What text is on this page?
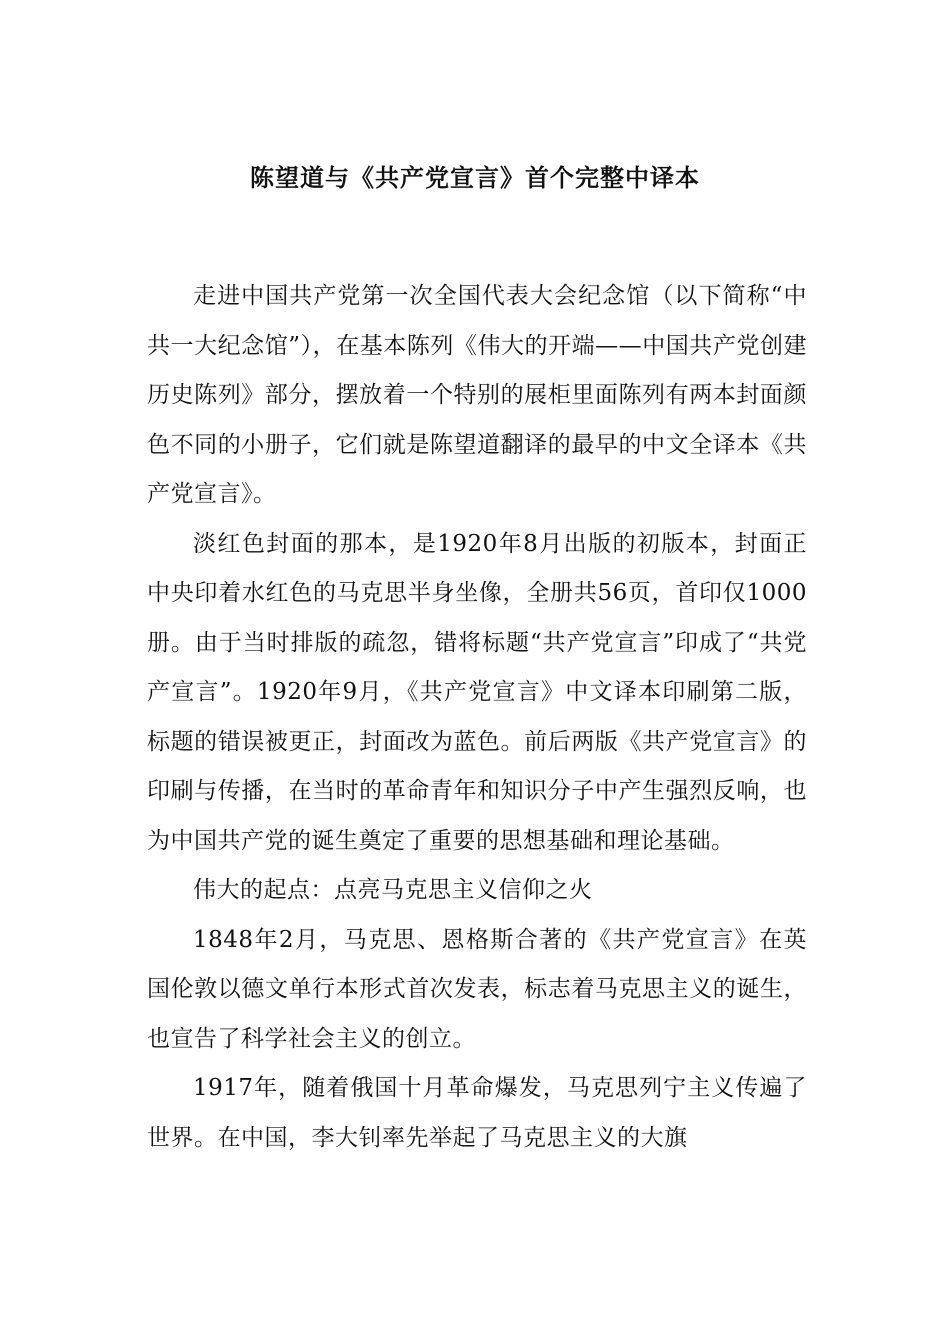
陈望道与《共产党宣言》首个完整中译本

走进中国共产党第一次全国代表大会纪念馆（以下简称“中共一大纪念馆”），在基本陈列《伟大的开端——中国共产党创建历史陈列》部分，摆放着一个特别的展柜里面陈列有两本封面颜色不同的小册子，它们就是陈望道翻译的最早的中文全译本《共产党宣言》。

淡红色封面的那本，是1920年8月出版的初版本，封面正中央印着水红色的马克思半身坐像，全册共56页，首印仅1000册。由于当时排版的疏忽，错将标题“共产党宣言”印成了“共党产宣言”。1920年9月，《共产党宣言》中文译本印刷第二版，标题的错误被更正，封面改为蓝色。前后两版《共产党宣言》的印刷与传播，在当时的革命青年和知识分子中产生强烈反响，也为中国共产党的诞生奠定了重要的思想基础和理论基础。

伟大的起点：点亮马克思主义信仰之火

1848年2月，马克思、恩格斯合著的《共产党宣言》在英国伦敦以德文单行本形式首次发表，标志着马克思主义的诞生，也宣告了科学社会主义的创立。

1917年，随着俄国十月革命爆发，马克思列宁主义传遍了世界。在中国，李大钊率先举起了马克思主义的大旗
